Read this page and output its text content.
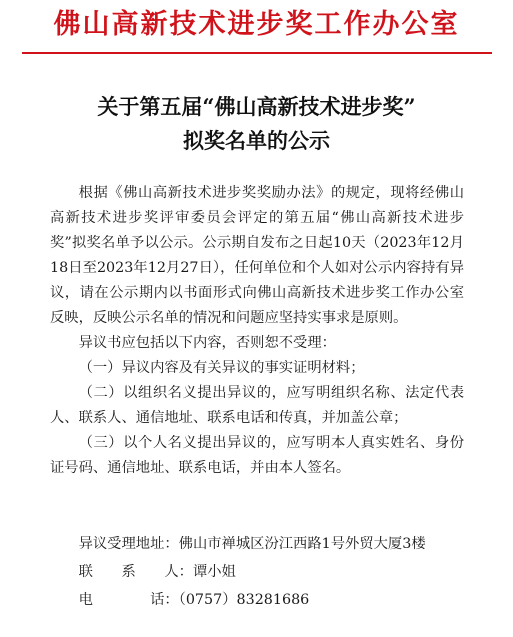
佛山高新技术进步奖工作办公室
关于第五届“佛山高新技术进步奖”
拟奖名单的公示

根据《佛山高新技术进步奖奖励办法》的规定，现将经佛山高新技术进步奖评审委员会评定的第五届“佛山高新技术进步奖”拟奖名单予以公示。公示期自发布之日起10天（2023年12月18日至2023年12月27日），任何单位和个人如对公示内容持有异议，请在公示期内以书面形式向佛山高新技术进步奖工作办公室反映，反映公示名单的情况和问题应坚持实事求是原则。

异议书应包括以下内容，否则恕不受理：

（一）异议内容及有关异议的事实证明材料；

（二）以组织名义提出异议的，应写明组织名称、法定代表人、联系人、通信地址、联系电话和传真，并加盖公章；

（三）以个人名义提出异议的，应写明本人真实姓名、身份证号码、通信地址、联系电话，并由本人签名。

异议受理地址：佛山市禅城区汾江西路1号外贸大厦3楼
联　　系　　人：谭小姐
电　　　　话：（0757）83281686
